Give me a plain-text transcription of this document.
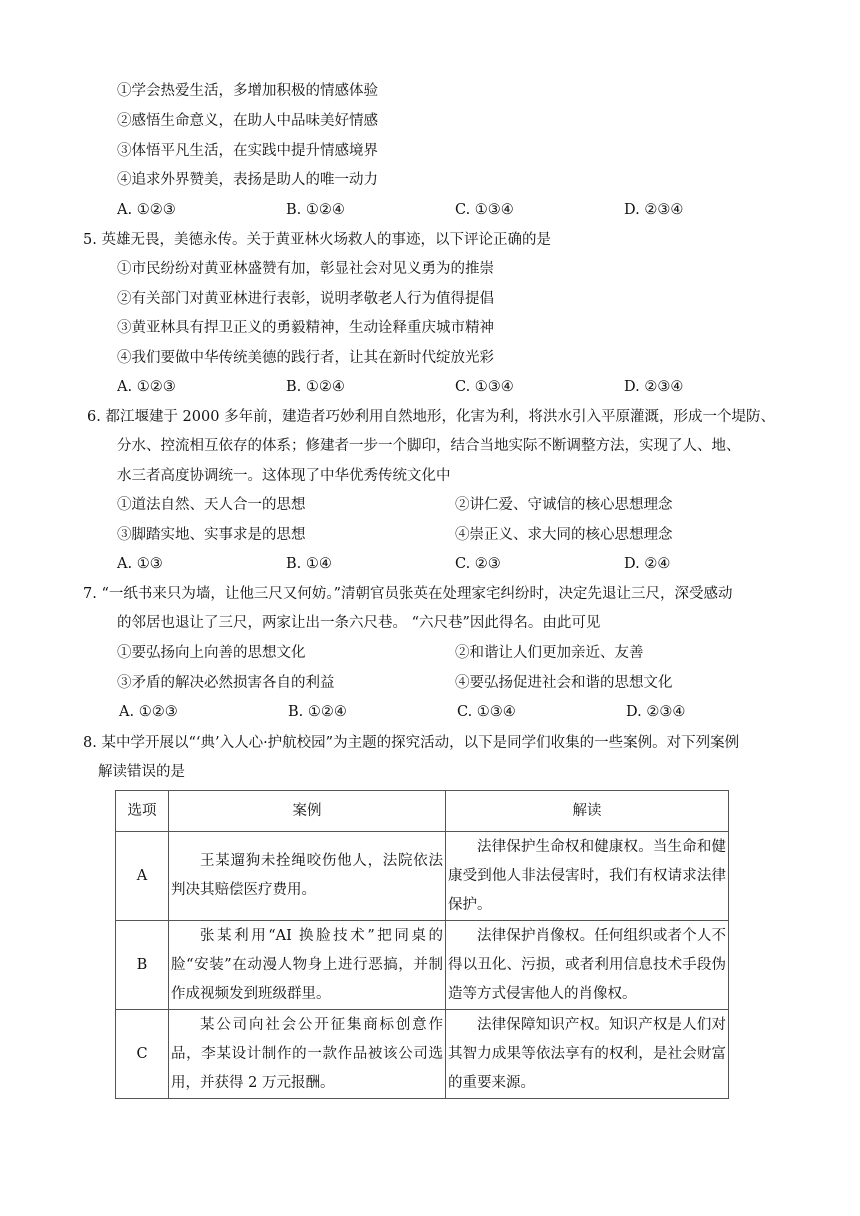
①学会热爱生活，多增加积极的情感体验
②感悟生命意义，在助人中品味美好情感
③体悟平凡生活，在实践中提升情感境界
④追求外界赞美，表扬是助人的唯一动力
A. ①②③	B. ①②④	C. ①③④	D. ②③④
5. 英雄无畏，美德永传。关于黄亚林火场救人的事迹，以下评论正确的是
①市民纷纷对黄亚林盛赞有加，彰显社会对见义勇为的推崇
②有关部门对黄亚林进行表彰，说明孝敬老人行为值得提倡
③黄亚林具有捍卫正义的勇毅精神，生动诠释重庆城市精神
④我们要做中华传统美德的践行者，让其在新时代绽放光彩
A. ①②③	B. ①②④	C. ①③④	D. ②③④
6. 都江堰建于 2000 多年前，建造者巧妙利用自然地形，化害为利，将洪水引入平原灌溉，形成一个堤防、
分水、控流相互依存的体系；修建者一步一个脚印，结合当地实际不断调整方法，实现了人、地、
水三者高度协调统一。这体现了中华优秀传统文化中
①道法自然、天人合一的思想	②讲仁爱、守诚信的核心思想理念
③脚踏实地、实事求是的思想	④崇正义、求大同的核心思想理念
A. ①③	B. ①④	C. ②③	D. ②④
7. “一纸书来只为墙，让他三尺又何妨。”清朝官员张英在处理家宅纠纷时，决定先退让三尺，深受感动
的邻居也退让了三尺，两家让出一条六尺巷。 “六尺巷”因此得名。由此可见
①要弘扬向上向善的思想文化	②和谐让人们更加亲近、友善
③矛盾的解决必然损害各自的利益	④要弘扬促进社会和谐的思想文化
A. ①②③	B. ①②④	C. ①③④	D. ②③④
8. 某中学开展以“‘典’入人心·护航校园”为主题的探究活动，以下是同学们收集的一些案例。对下列案例
解读错误的是
选项	案例	解读
A	王某遛狗未拴绳咬伤他人，法院依法判决其赔偿医疗费用。	法律保护生命权和健康权。当生命和健康受到他人非法侵害时，我们有权请求法律保护。
B	张某利用“AI 换脸技术”把同桌的脸“安装”在动漫人物身上进行恶搞，并制作成视频发到班级群里。	法律保护肖像权。任何组织或者个人不得以丑化、污损，或者利用信息技术手段伪造等方式侵害他人的肖像权。
C	某公司向社会公开征集商标创意作品，李某设计制作的一款作品被该公司选用，并获得 2 万元报酬。	法律保障知识产权。知识产权是人们对其智力成果等依法享有的权利，是社会财富的重要来源。
